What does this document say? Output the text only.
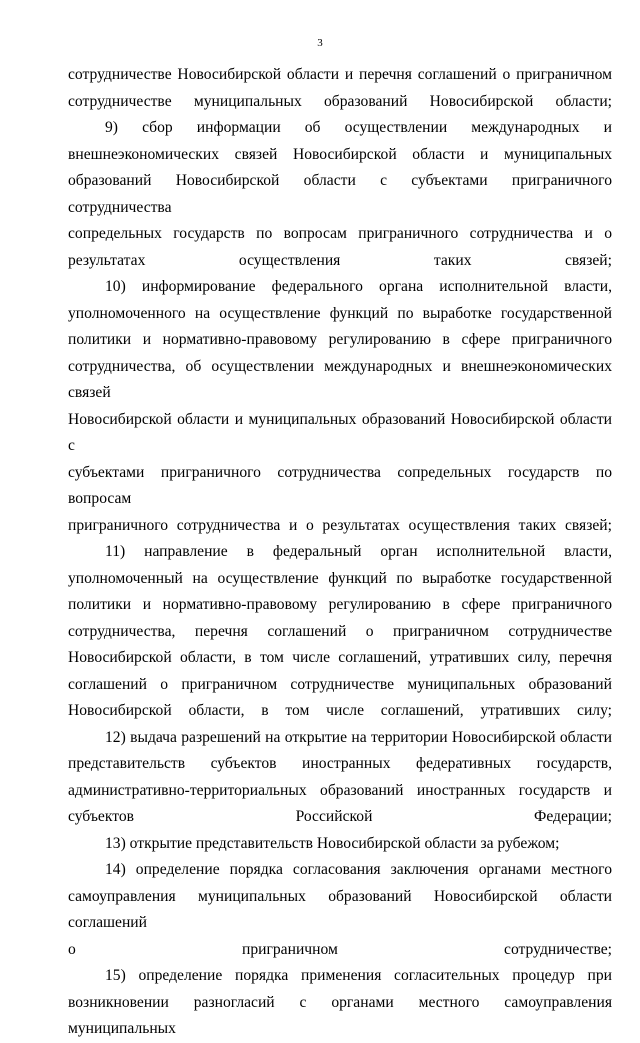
3

сотрудничестве Новосибирской области и перечня соглашений о приграничном
сотрудничестве муниципальных образований Новосибирской области;

9) сбор информации об осуществлении международных и
внешнеэкономических связей Новосибирской области и муниципальных
образований Новосибирской области с субъектами приграничного сотрудничества
сопредельных государств по вопросам приграничного сотрудничества и о
результатах осуществления таких связей;

10) информирование федерального органа исполнительной власти,
уполномоченного на осуществление функций по выработке государственной
политики и нормативно-правовому регулированию в сфере приграничного
сотрудничества, об осуществлении международных и внешнеэкономических связей
Новосибирской области и муниципальных образований Новосибирской области с
субъектами приграничного сотрудничества сопредельных государств по вопросам
приграничного сотрудничества и о результатах осуществления таких связей;

11) направление в федеральный орган исполнительной власти,
уполномоченный на осуществление функций по выработке государственной
политики и нормативно-правовому регулированию в сфере приграничного
сотрудничества, перечня соглашений о приграничном сотрудничестве
Новосибирской области, в том числе соглашений, утративших силу, перечня
соглашений о приграничном сотрудничестве муниципальных образований
Новосибирской области, в том числе соглашений, утративших силу;

12) выдача разрешений на открытие на территории Новосибирской области
представительств субъектов иностранных федеративных государств,
административно-территориальных образований иностранных государств и
субъектов Российской Федерации;

13) открытие представительств Новосибирской области за рубежом;

14) определение порядка согласования заключения органами местного
самоуправления муниципальных образований Новосибирской области соглашений
о приграничном сотрудничестве;

15) определение порядка применения согласительных процедур при
возникновении разногласий с органами местного самоуправления муниципальных
